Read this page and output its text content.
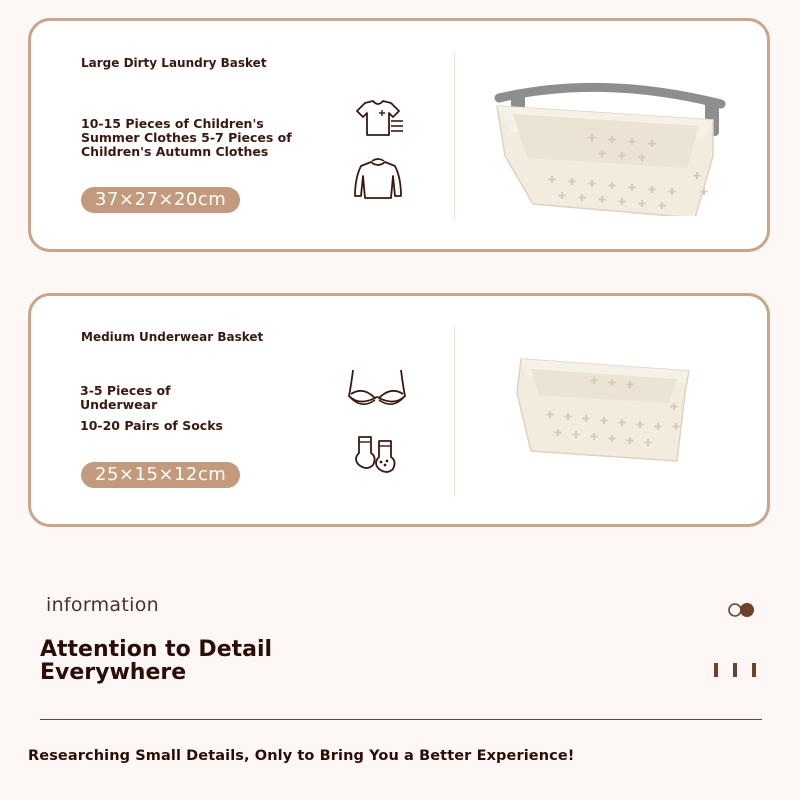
Large Dirty Laundry Basket
10-15 Pieces of Children's
Summer Clothes 5-7 Pieces of
Children's Autumn Clothes
37×27×20cm
Medium Underwear Basket
3-5 Pieces of
Underwear
10-20 Pairs of Socks
25×15×12cm
information
Attention to Detail
Everywhere
Researching Small Details, Only to Bring You a Better Experience!
